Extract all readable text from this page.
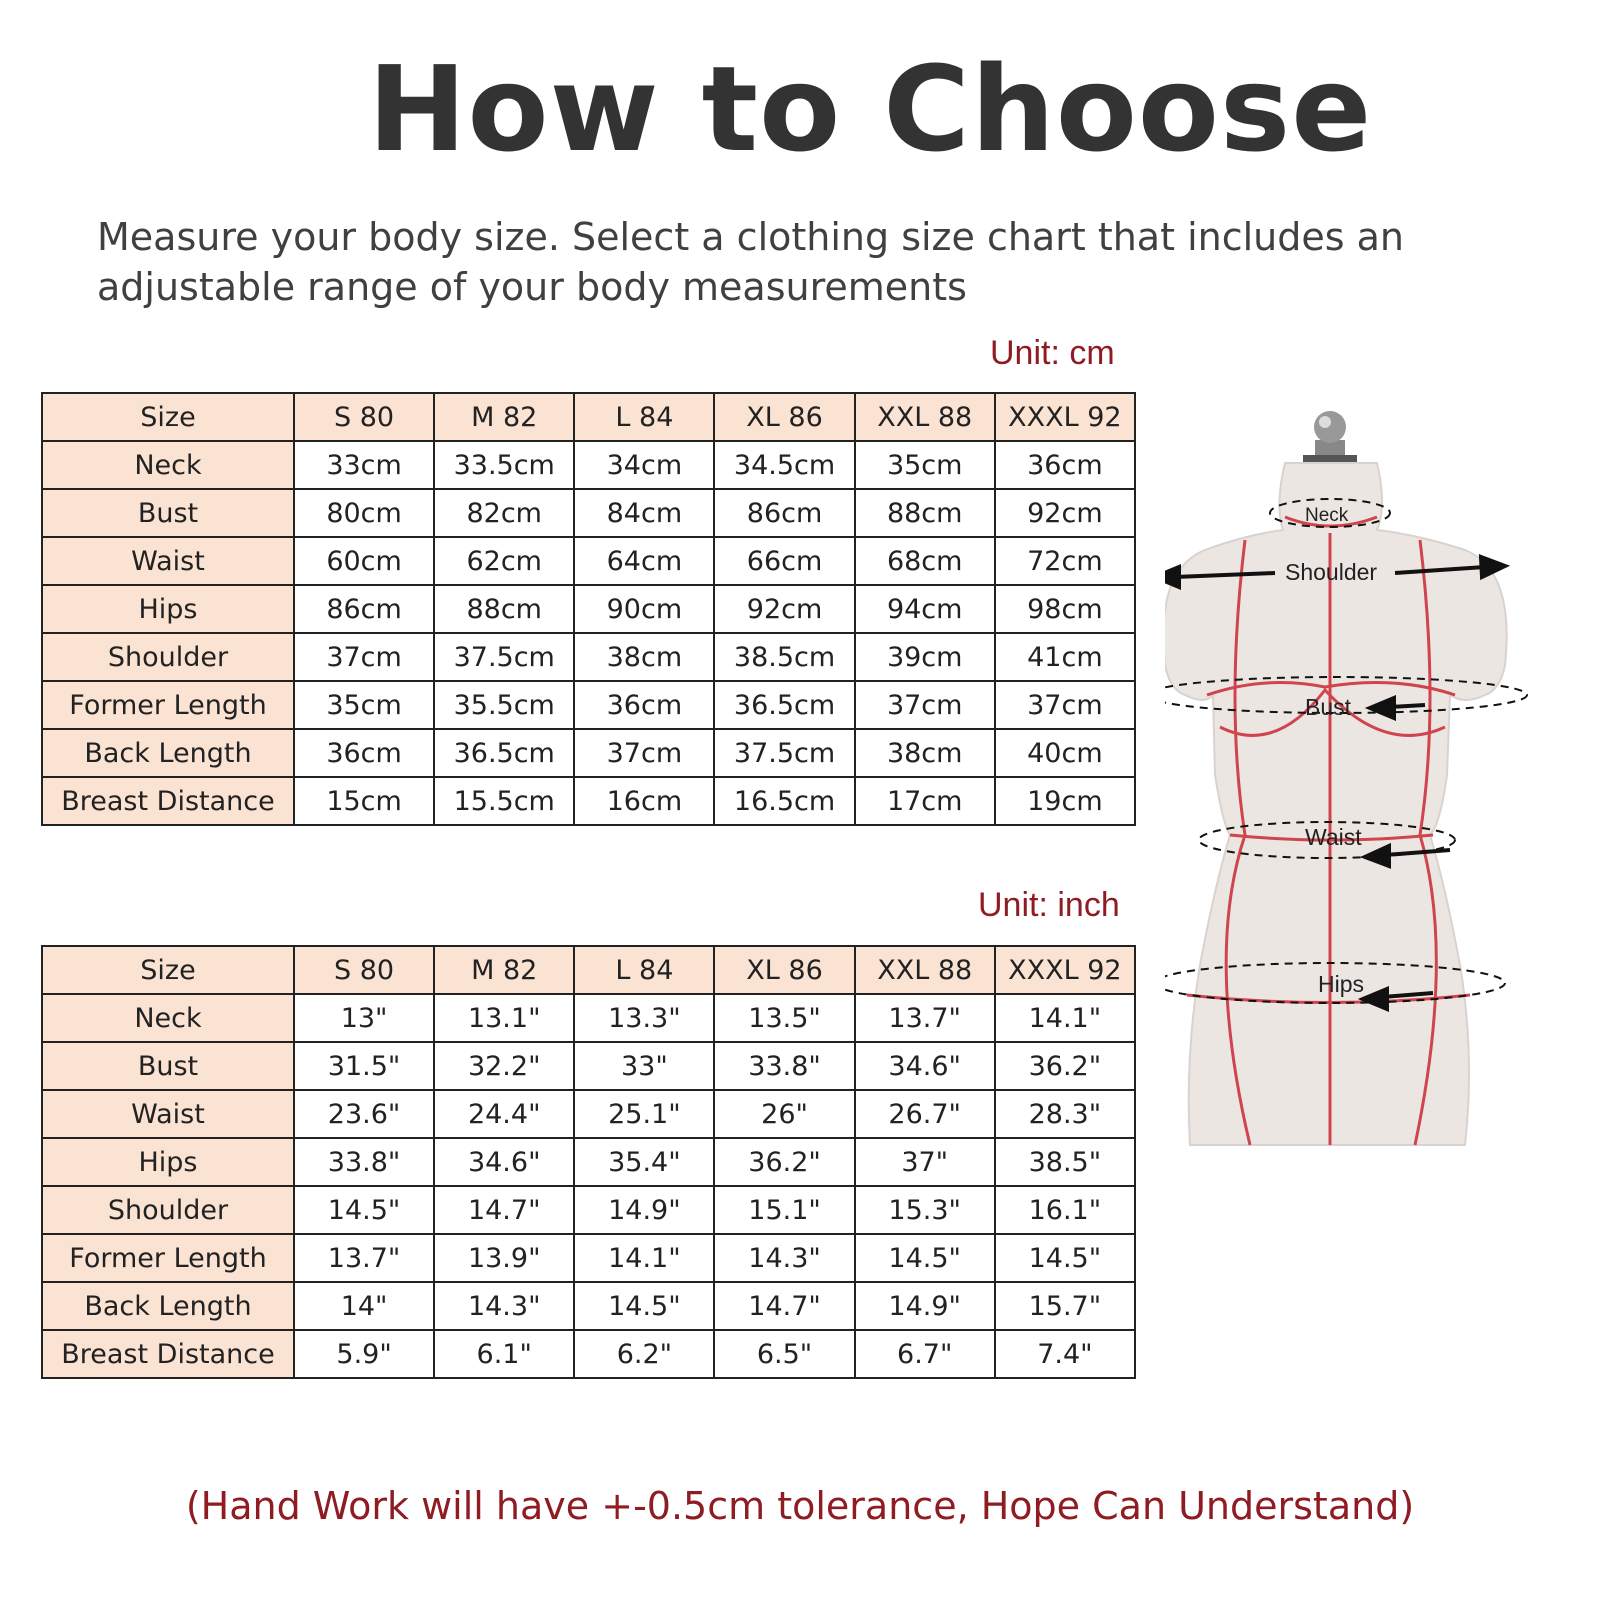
How to Choose
Measure your body size. Select a clothing size chart that includes an adjustable range of your body measurements
Unit: cm
Size	S 80	M 82	L 84	XL 86	XXL 88	XXXL 92
Neck	33cm	33.5cm	34cm	34.5cm	35cm	36cm
Bust	80cm	82cm	84cm	86cm	88cm	92cm
Waist	60cm	62cm	64cm	66cm	68cm	72cm
Hips	86cm	88cm	90cm	92cm	94cm	98cm
Shoulder	37cm	37.5cm	38cm	38.5cm	39cm	41cm
Former Length	35cm	35.5cm	36cm	36.5cm	37cm	37cm
Back Length	36cm	36.5cm	37cm	37.5cm	38cm	40cm
Breast Distance	15cm	15.5cm	16cm	16.5cm	17cm	19cm
Unit: inch
Size	S 80	M 82	L 84	XL 86	XXL 88	XXXL 92
Neck	13"	13.1"	13.3"	13.5"	13.7"	14.1"
Bust	31.5"	32.2"	33"	33.8"	34.6"	36.2"
Waist	23.6"	24.4"	25.1"	26"	26.7"	28.3"
Hips	33.8"	34.6"	35.4"	36.2"	37"	38.5"
Shoulder	14.5"	14.7"	14.9"	15.1"	15.3"	16.1"
Former Length	13.7"	13.9"	14.1"	14.3"	14.5"	14.5"
Back Length	14"	14.3"	14.5"	14.7"	14.9"	15.7"
Breast Distance	5.9"	6.1"	6.2"	6.5"	6.7"	7.4"
Neck
Shoulder
Bust
Waist
Hips
(Hand Work will have +-0.5cm tolerance, Hope Can Understand)
